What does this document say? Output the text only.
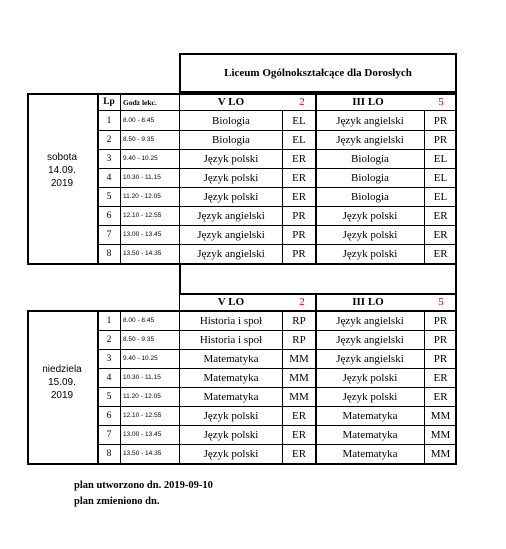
Liceum Ogólnokształcące dla Dorosłych
Lp	Godz lekc.	V LO	2	III LO	5
sobota
14.09.
2019
1	8.00 - 8.45	Biologia	EL	Język angielski	PR
2	8.50 - 9.35	Biologia	EL	Język angielski	PR
3	9.40 - 10.25	Język polski	ER	Biologia	EL
4	10.30 - 11.15	Język polski	ER	Biologia	EL
5	11.20 - 12.05	Język polski	ER	Biologia	EL
6	12.10 - 12.55	Język angielski	PR	Język polski	ER
7	13.00 - 13.45	Język angielski	PR	Język polski	ER
8	13.50 - 14.35	Język angielski	PR	Język polski	ER
V LO	2	III LO	5
niedziela
15.09.
2019
1	8.00 - 8.45	Historia i społ	RP	Język angielski	PR
2	8.50 - 9.35	Historia i społ	RP	Język angielski	PR
3	9.40 - 10.25	Matematyka	MM	Język angielski	PR
4	10.30 - 11.15	Matematyka	MM	Język polski	ER
5	11.20 - 12.05	Matematyka	MM	Język polski	ER
6	12.10 - 12.55	Język polski	ER	Matematyka	MM
7	13.00 - 13.45	Język polski	ER	Matematyka	MM
8	13.50 - 14.35	Język polski	ER	Matematyka	MM
plan utworzono dn. 2019-09-10
plan zmieniono dn.
